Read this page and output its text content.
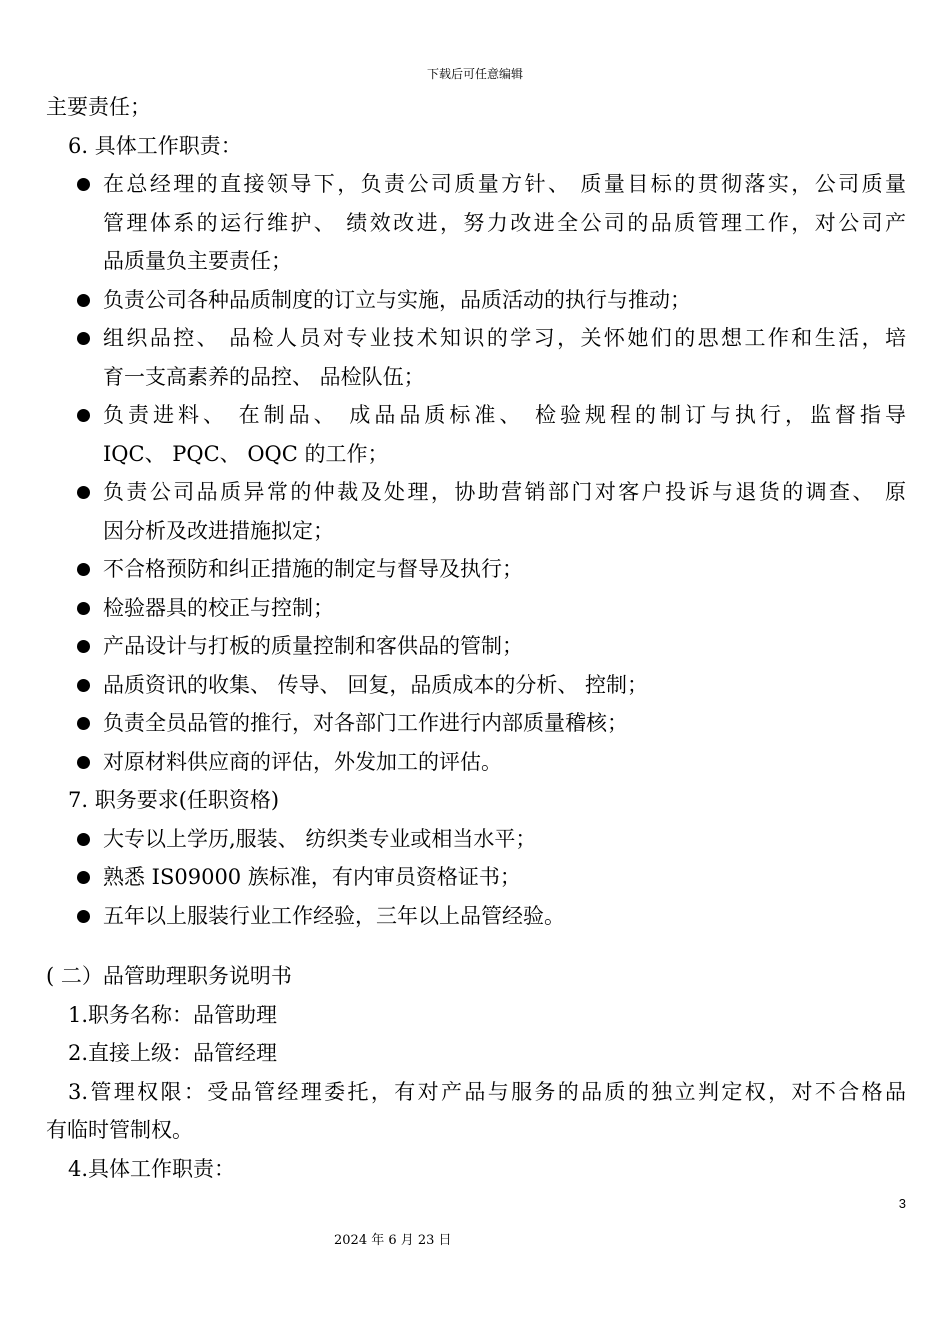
下载后可任意编辑
主要责任；
6. 具体工作职责：
在总经理的直接领导下，负责公司质量方针、 质量目标的贯彻落实，公司质量
管理体系的运行维护、 绩效改进，努力改进全公司的品质管理工作，对公司产
品质量负主要责任；
负责公司各种品质制度的订立与实施，品质活动的执行与推动；
组织品控、 品检人员对专业技术知识的学习，关怀她们的思想工作和生活，培
育一支高素养的品控、 品检队伍；
负责进料、 在制品、 成品品质标准、 检验规程的制订与执行，监督指导
IQC、 PQC、 OQC 的工作；
负责公司品质异常的仲裁及处理，协助营销部门对客户投诉与退货的调查、 原
因分析及改进措施拟定；
不合格预防和纠正措施的制定与督导及执行；
检验器具的校正与控制；
产品设计与打板的质量控制和客供品的管制；
品质资讯的收集、 传导、 回复，品质成本的分析、 控制；
负责全员品管的推行，对各部门工作进行内部质量稽核；
对原材料供应商的评估，外发加工的评估。
7. 职务要求(任职资格)
大专以上学历,服装、 纺织类专业或相当水平；
熟悉 IS09000 族标准，有内审员资格证书；
五年以上服装行业工作经验，三年以上品管经验。
( 二）品管助理职务说明书
1.职务名称：品管助理
2.直接上级：品管经理
3.管理权限：受品管经理委托，有对产品与服务的品质的独立判定权，对不合格品
有临时管制权。
4.具体工作职责：
3
2024 年 6 月 23 日
